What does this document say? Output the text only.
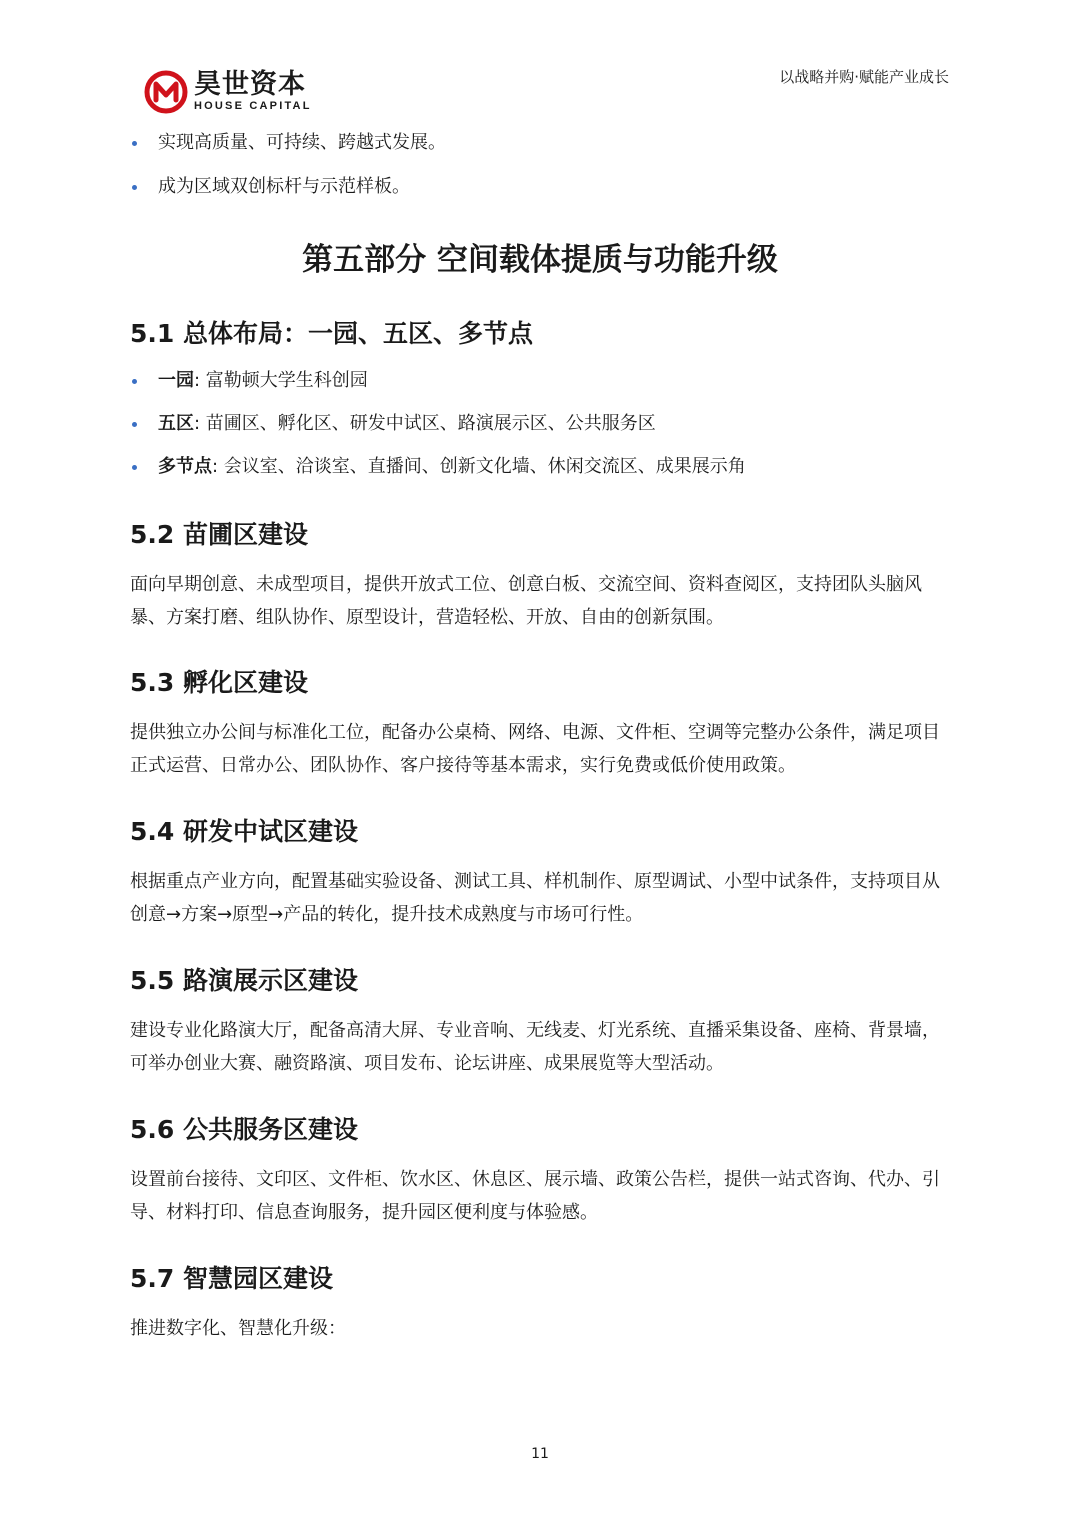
昊世资本
HOUSE CAPITAL
以战略并购·赋能产业成长
实现高质量、可持续、跨越式发展。
成为区域双创标杆与示范样板。
第五部分 空间载体提质与功能升级
5.1 总体布局：一园、五区、多节点
一园: 富勒顿大学生科创园
五区: 苗圃区、孵化区、研发中试区、路演展示区、公共服务区
多节点: 会议室、洽谈室、直播间、创新文化墙、休闲交流区、成果展示角
5.2 苗圃区建设

面向早期创意、未成型项目，提供开放式工位、创意白板、交流空间、资料查阅区，支持团队头脑风暴、方案打磨、组队协作、原型设计，营造轻松、开放、自由的创新氛围。

5.3 孵化区建设

提供独立办公间与标准化工位，配备办公桌椅、网络、电源、文件柜、空调等完整办公条件，满足项目正式运营、日常办公、团队协作、客户接待等基本需求，实行免费或低价使用政策。

5.4 研发中试区建设

根据重点产业方向，配置基础实验设备、测试工具、样机制作、原型调试、小型中试条件，支持项目从创意→方案→原型→产品的转化，提升技术成熟度与市场可行性。

5.5 路演展示区建设

建设专业化路演大厅，配备高清大屏、专业音响、无线麦、灯光系统、直播采集设备、座椅、背景墙，可举办创业大赛、融资路演、项目发布、论坛讲座、成果展览等大型活动。

5.6 公共服务区建设

设置前台接待、文印区、文件柜、饮水区、休息区、展示墙、政策公告栏，提供一站式咨询、代办、引导、材料打印、信息查询服务，提升园区便利度与体验感。

5.7 智慧园区建设

推进数字化、智慧化升级：

11
